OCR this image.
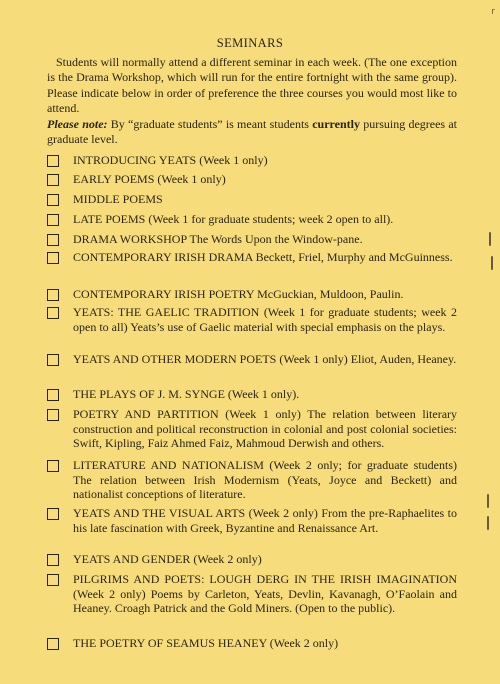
r
SEMINARS

Students will normally attend a different seminar in each week. (The one exception is the Drama Workshop, which will run for the entire fortnight with the same group). Please indicate below in order of preference the three courses you would most like to attend.

Please note: By “graduate students” is meant students currently pursuing degrees at graduate level.

INTRODUCING YEATS (Week 1 only)
EARLY POEMS (Week 1 only)
MIDDLE POEMS
LATE POEMS (Week 1 for graduate students; week 2 open to all).
DRAMA WORKSHOP The Words Upon the Window-pane.
CONTEMPORARY IRISH DRAMA Beckett, Friel, Murphy and McGuinness.
CONTEMPORARY IRISH POETRY McGuckian, Muldoon, Paulin.
YEATS: THE GAELIC TRADITION (Week 1 for graduate students; week 2 open to all) Yeats’s use of Gaelic material with special emphasis on the plays.
YEATS AND OTHER MODERN POETS (Week 1 only) Eliot, Auden, Heaney.
THE PLAYS OF J. M. SYNGE (Week 1 only).
POETRY AND PARTITION (Week 1 only) The relation between literary construction and political reconstruction in colonial and post colonial societies: Swift, Kipling, Faiz Ahmed Faiz, Mahmoud Derwish and others.
LITERATURE AND NATIONALISM (Week 2 only; for graduate students) The relation between Irish Modernism (Yeats, Joyce and Beckett) and nationalist conceptions of literature.
YEATS AND THE VISUAL ARTS (Week 2 only) From the pre-Raphaelites to his late fascination with Greek, Byzantine and Renaissance Art.
YEATS AND GENDER (Week 2 only)
PILGRIMS AND POETS: LOUGH DERG IN THE IRISH IMAGINATION (Week 2 only) Poems by Carleton, Yeats, Devlin, Kavanagh, O’Faolain and Heaney. Croagh Patrick and the Gold Miners. (Open to the public).
THE POETRY OF SEAMUS HEANEY (Week 2 only)
